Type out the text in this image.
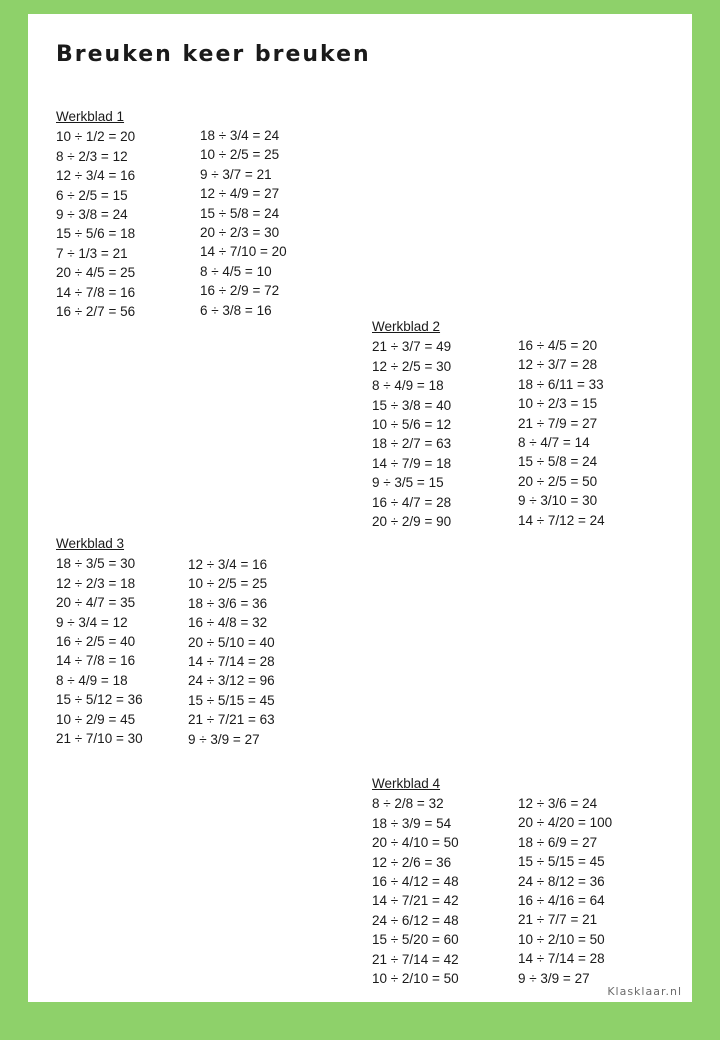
Breuken keer breuken
Werkblad 1
10 ÷ 1/2 = 20
8 ÷ 2/3 = 12
12 ÷ 3/4 = 16
6 ÷ 2/5 = 15
9 ÷ 3/8 = 24
15 ÷ 5/6 = 18
7 ÷ 1/3 = 21
20 ÷ 4/5 = 25
14 ÷ 7/8 = 16
16 ÷ 2/7 = 56
18 ÷ 3/4 = 24
10 ÷ 2/5 = 25
9 ÷ 3/7 = 21
12 ÷ 4/9 = 27
15 ÷ 5/8 = 24
20 ÷ 2/3 = 30
14 ÷ 7/10 = 20
8 ÷ 4/5 = 10
16 ÷ 2/9 = 72
6 ÷ 3/8 = 16
Werkblad 2
21 ÷ 3/7 = 49
12 ÷ 2/5 = 30
8 ÷ 4/9 = 18
15 ÷ 3/8 = 40
10 ÷ 5/6 = 12
18 ÷ 2/7 = 63
14 ÷ 7/9 = 18
9 ÷ 3/5 = 15
16 ÷ 4/7 = 28
20 ÷ 2/9 = 90
16 ÷ 4/5 = 20
12 ÷ 3/7 = 28
18 ÷ 6/11 = 33
10 ÷ 2/3 = 15
21 ÷ 7/9 = 27
8 ÷ 4/7 = 14
15 ÷ 5/8 = 24
20 ÷ 2/5 = 50
9 ÷ 3/10 = 30
14 ÷ 7/12 = 24
Werkblad 3
18 ÷ 3/5 = 30
12 ÷ 2/3 = 18
20 ÷ 4/7 = 35
9 ÷ 3/4 = 12
16 ÷ 2/5 = 40
14 ÷ 7/8 = 16
8 ÷ 4/9 = 18
15 ÷ 5/12 = 36
10 ÷ 2/9 = 45
21 ÷ 7/10 = 30
12 ÷ 3/4 = 16
10 ÷ 2/5 = 25
18 ÷ 3/6 = 36
16 ÷ 4/8 = 32
20 ÷ 5/10 = 40
14 ÷ 7/14 = 28
24 ÷ 3/12 = 96
15 ÷ 5/15 = 45
21 ÷ 7/21 = 63
9 ÷ 3/9 = 27
Werkblad 4
8 ÷ 2/8 = 32
18 ÷ 3/9 = 54
20 ÷ 4/10 = 50
12 ÷ 2/6 = 36
16 ÷ 4/12 = 48
14 ÷ 7/21 = 42
24 ÷ 6/12 = 48
15 ÷ 5/20 = 60
21 ÷ 7/14 = 42
10 ÷ 2/10 = 50
12 ÷ 3/6 = 24
20 ÷ 4/20 = 100
18 ÷ 6/9 = 27
15 ÷ 5/15 = 45
24 ÷ 8/12 = 36
16 ÷ 4/16 = 64
21 ÷ 7/7 = 21
10 ÷ 2/10 = 50
14 ÷ 7/14 = 28
9 ÷ 3/9 = 27
Klasklaar.nl
